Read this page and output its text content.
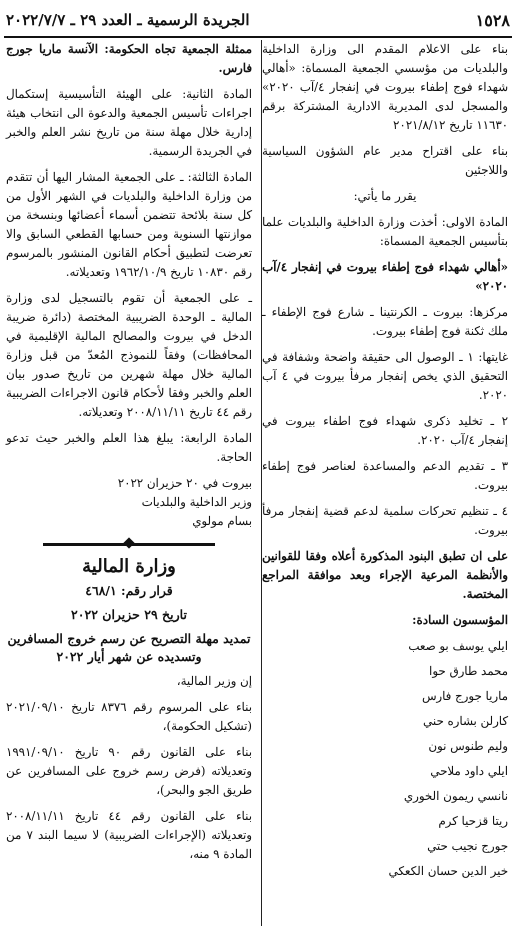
١٥٢٨
الجريدة الرسمية ـ العدد ٢٩ ـ ٢٠٢٢/٧/٧

بناء على الاعلام المقدم الى وزارة الداخلية والبلديات من مؤسسي الجمعية المسماة: «أهالي شهداء فوج إطفاء بيروت في إنفجار ٤/آب ٢٠٢٠» والمسجل لدى المديرية الادارية المشتركة برقم ١١٦٣٠ تاريخ ٢٠٢١/٨/١٢

بناء على اقتراح مدير عام الشؤون السياسية واللاجئين

يقرر ما يأتي:

المادة الاولى: أخذت وزارة الداخلية والبلديات علما بتأسيس الجمعية المسماة:

«أهالي شهداء فوج إطفاء بيروت في إنفجار ٤/آب ٢٠٢٠»

مركزها: بيروت ـ الكرنتينا ـ شارع فوج الإطفاء ـ ملك ثكنة فوج إطفاء بيروت.

غايتها: ١ ـ الوصول الى حقيقة واضحة وشفافة في التحقيق الذي يخص إنفجار مرفأ بيروت في ٤ آب ٢٠٢٠.

٢ ـ تخليد ذكرى شهداء فوج اطفاء بيروت في إنفجار ٤/آب ٢٠٢٠.

٣ ـ تقديم الدعم والمساعدة لعناصر فوج إطفاء بيروت.

٤ ـ تنظيم تحركات سلمية لدعم قضية إنفجار مرفأ بيروت.

على ان تطبق البنود المذكورة أعلاه وفقا للقوانين والأنظمة المرعية الإجراء وبعد موافقة المراجع المختصة.

المؤسسون السادة:

ايلي يوسف بو صعب

محمد طارق حوا

ماريا جورج فارس

كارلن بشاره حني

وليم طنوس نون

ايلي داود ملاحي

نانسي ريمون الخوري

ريتا قزحيا كرم

جورج نجيب حتي

خير الدين حسان الكعكي

ممثلة الجمعية تجاه الحكومة: الآنسة ماريا جورج فارس.

المادة الثانية: على الهيئة التأسيسية إستكمال اجراءات تأسيس الجمعية والدعوة الى انتخاب هيئة إدارية خلال مهلة سنة من تاريخ نشر العلم والخبر في الجريدة الرسمية.

المادة الثالثة: ـ على الجمعية المشار اليها أن تتقدم من وزارة الداخلية والبلديات في الشهر الأول من كل سنة بلائحة تتضمن أسماء أعضائها وبنسخة من موازنتها السنوية ومن حسابها القطعي السابق والا تعرضت لتطبيق أحكام القانون المنشور بالمرسوم رقم ١٠٨٣٠ تاريخ ١٩٦٢/١٠/٩ وتعديلاته.

ـ على الجمعية أن تقوم بالتسجيل لدى وزارة المالية ـ الوحدة الضريبية المختصة (دائرة ضريبة الدخل في بيروت والمصالح المالية الإقليمية في المحافظات) وفقاً للنموذج المُعدّ من قبل وزارة المالية خلال مهلة شهرين من تاريخ صدور بيان العلم والخبر وفقا لأحكام قانون الاجراءات الضريبية رقم ٤٤ تاريخ ٢٠٠٨/١١/١١ وتعديلاته.

المادة الرابعة: يبلغ هذا العلم والخبر حيث تدعو الحاجة.

بيروت في ٢٠ حزيران ٢٠٢٢

وزير الداخلية والبلديات

بسام مولوي

وزارة المالية

قرار رقم: ٤٦٨/١

تاريخ ٢٩ حزيران ٢٠٢٢

تمديد مهلة التصريح عن رسم خروج المسافرين وتسديده عن شهر أيار ٢٠٢٢

إن وزير المالية،

بناء على المرسوم رقم ٨٣٧٦ تاريخ ٢٠٢١/٠٩/١٠ (تشكيل الحكومة)،

بناء على القانون رقم ٩٠ تاريخ ١٩٩١/٠٩/١٠ وتعديلاته (فرض رسم خروج على المسافرين عن طريق الجو والبحر)،

بناء على القانون رقم ٤٤ تاريخ ٢٠٠٨/١١/١١ وتعديلاته (الإجراءات الضريبية) لا سيما البند ٧ من المادة ٩ منه،
